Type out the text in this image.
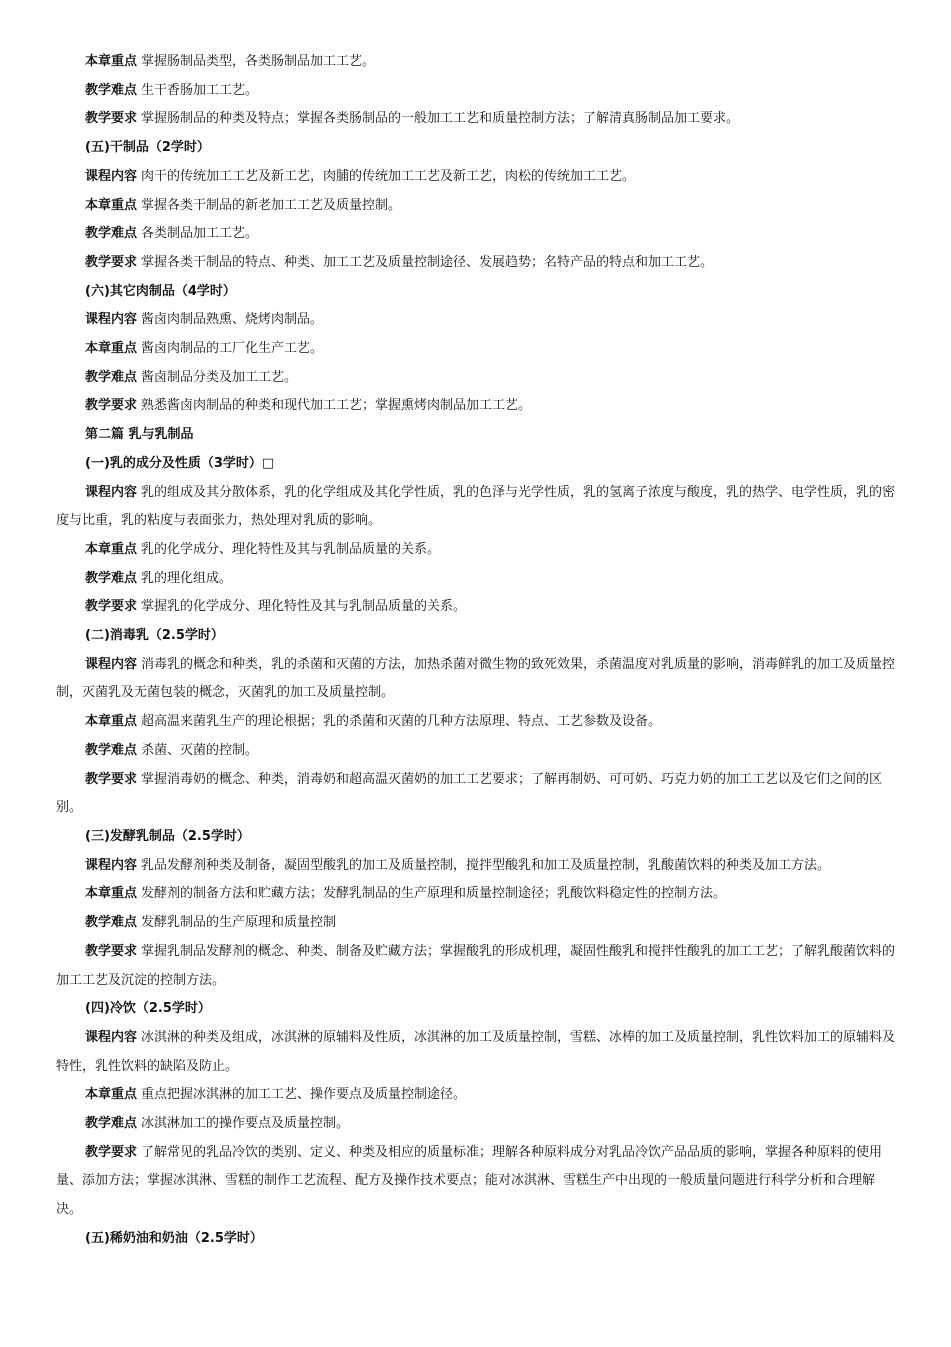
本章重点 掌握肠制品类型，各类肠制品加工工艺。

教学难点 生干香肠加工工艺。

教学要求 掌握肠制品的种类及特点；掌握各类肠制品的一般加工工艺和质量控制方法；了解清真肠制品加工要求。

(五)干制品（2学时）

课程内容 肉干的传统加工工艺及新工艺，肉脯的传统加工工艺及新工艺，肉松的传统加工工艺。

本章重点 掌握各类干制品的新老加工工艺及质量控制。

教学难点 各类制品加工工艺。

教学要求 掌握各类干制品的特点、种类、加工工艺及质量控制途径、发展趋势；名特产品的特点和加工工艺。

(六)其它肉制品（4学时）

课程内容 酱卤肉制品熟熏、烧烤肉制品。

本章重点 酱卤肉制品的工厂化生产工艺。

教学难点 酱卤制品分类及加工工艺。

教学要求 熟悉酱卤肉制品的种类和现代加工工艺；掌握熏烤肉制品加工工艺。

第二篇 乳与乳制品

(一)乳的成分及性质（3学时）□

课程内容 乳的组成及其分散体系，乳的化学组成及其化学性质，乳的色泽与光学性质，乳的氢离子浓度与酸度，乳的热学、电学性质，乳的密度与比重，乳的粘度与表面张力，热处理对乳质的影响。

本章重点 乳的化学成分、理化特性及其与乳制品质量的关系。

教学难点 乳的理化组成。

教学要求 掌握乳的化学成分、理化特性及其与乳制品质量的关系。

(二)消毒乳（2.5学时）

课程内容 消毒乳的概念和种类，乳的杀菌和灭菌的方法，加热杀菌对微生物的致死效果，杀菌温度对乳质量的影响，消毒鲜乳的加工及质量控制，灭菌乳及无菌包装的概念，灭菌乳的加工及质量控制。

本章重点 超高温来菌乳生产的理论根据；乳的杀菌和灭菌的几种方法原理、特点、工艺参数及设备。

教学难点 杀菌、灭菌的控制。

教学要求 掌握消毒奶的概念、种类，消毒奶和超高温灭菌奶的加工工艺要求；了解再制奶、可可奶、巧克力奶的加工工艺以及它们之间的区别。

(三)发酵乳制品（2.5学时）

课程内容 乳品发酵剂种类及制备，凝固型酸乳的加工及质量控制，搅拌型酸乳和加工及质量控制，乳酸菌饮料的种类及加工方法。

本章重点 发酵剂的制备方法和贮藏方法；发酵乳制品的生产原理和质量控制途径；乳酸饮料稳定性的控制方法。

教学难点 发酵乳制品的生产原理和质量控制

教学要求 掌握乳制品发酵剂的概念、种类、制备及贮藏方法；掌握酸乳的形成机理，凝固性酸乳和搅拌性酸乳的加工工艺；了解乳酸菌饮料的加工工艺及沉淀的控制方法。

(四)冷饮（2.5学时）

课程内容 冰淇淋的种类及组成，冰淇淋的原辅料及性质，冰淇淋的加工及质量控制，雪糕、冰棒的加工及质量控制，乳性饮料加工的原辅料及特性，乳性饮料的缺陷及防止。

本章重点 重点把握冰淇淋的加工工艺、操作要点及质量控制途径。

教学难点 冰淇淋加工的操作要点及质量控制。

教学要求 了解常见的乳品冷饮的类别、定义、种类及相应的质量标准；理解各种原料成分对乳品冷饮产品品质的影响，掌握各种原料的使用量、添加方法；掌握冰淇淋、雪糕的制作工艺流程、配方及操作技术要点；能对冰淇淋、雪糕生产中出现的一般质量问题进行科学分析和合理解决。

(五)稀奶油和奶油（2.5学时）
